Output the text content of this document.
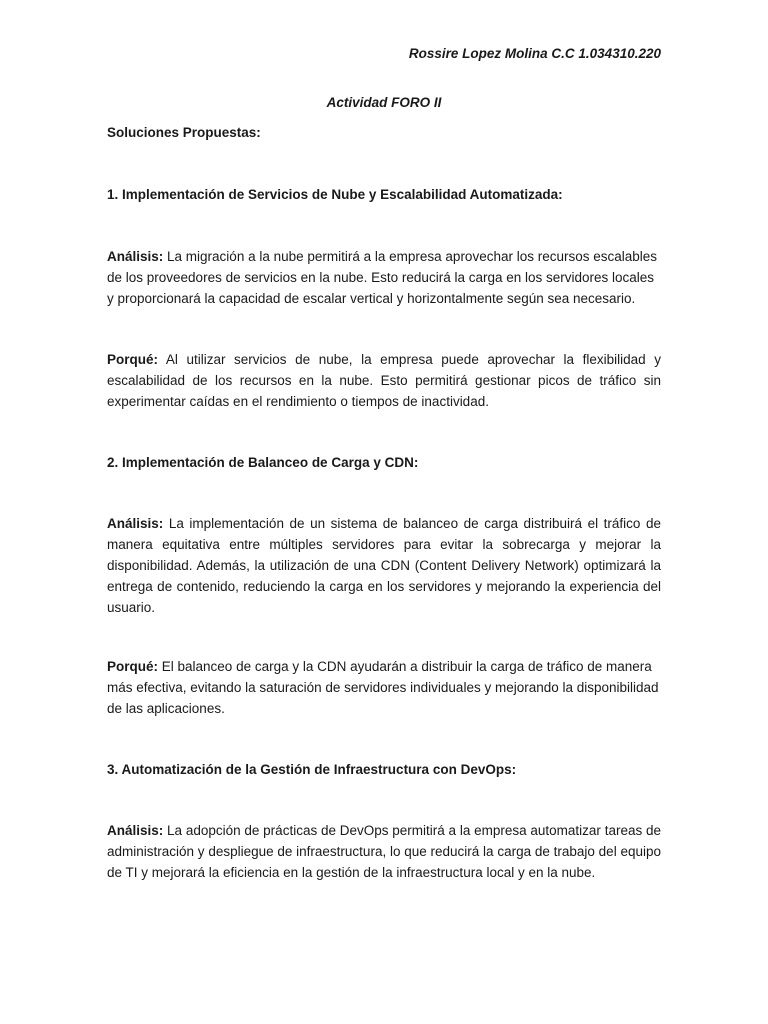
Rossire Lopez Molina C.C 1.034310.220
Actividad FORO II
Soluciones Propuestas:
1. Implementación de Servicios de Nube y Escalabilidad Automatizada:

Análisis: La migración a la nube permitirá a la empresa aprovechar los recursos escalables de los proveedores de servicios en la nube. Esto reducirá la carga en los servidores locales y proporcionará la capacidad de escalar vertical y horizontalmente según sea necesario.

Porqué: Al utilizar servicios de nube, la empresa puede aprovechar la flexibilidad y escalabilidad de los recursos en la nube. Esto permitirá gestionar picos de tráfico sin experimentar caídas en el rendimiento o tiempos de inactividad.

2. Implementación de Balanceo de Carga y CDN:

Análisis: La implementación de un sistema de balanceo de carga distribuirá el tráfico de manera equitativa entre múltiples servidores para evitar la sobrecarga y mejorar la disponibilidad. Además, la utilización de una CDN (Content Delivery Network) optimizará la entrega de contenido, reduciendo la carga en los servidores y mejorando la experiencia del usuario.

Porqué: El balanceo de carga y la CDN ayudarán a distribuir la carga de tráfico de manera más efectiva, evitando la saturación de servidores individuales y mejorando la disponibilidad de las aplicaciones.

3. Automatización de la Gestión de Infraestructura con DevOps:

Análisis: La adopción de prácticas de DevOps permitirá a la empresa automatizar tareas de administración y despliegue de infraestructura, lo que reducirá la carga de trabajo del equipo de TI y mejorará la eficiencia en la gestión de la infraestructura local y en la nube.
